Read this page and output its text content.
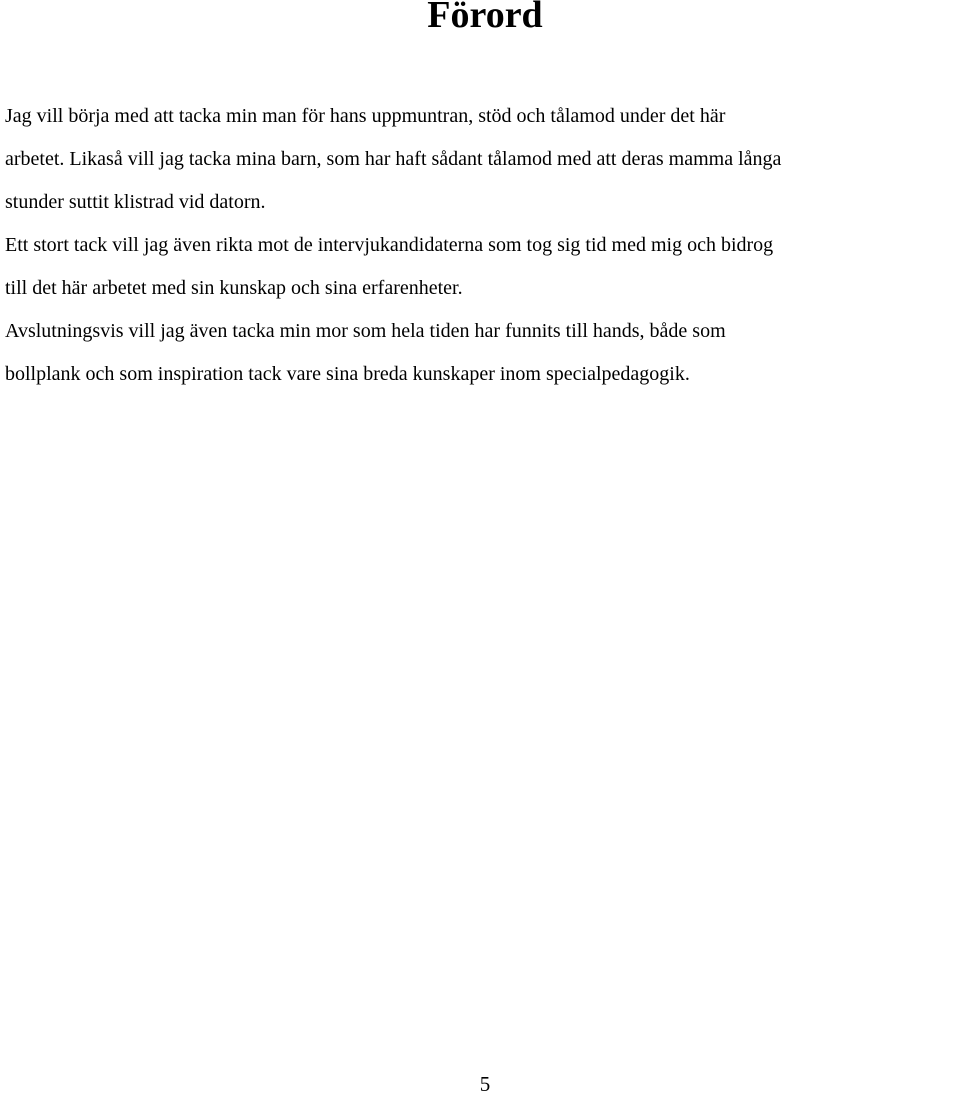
Förord

Jag vill börja med att tacka min man för hans uppmuntran, stöd och tålamod under det här
arbetet. Likaså vill jag tacka mina barn, som har haft sådant tålamod med att deras mamma långa
stunder suttit klistrad vid datorn.

Ett stort tack vill jag även rikta mot de intervjukandidaterna som tog sig tid med mig och bidrog
till det här arbetet med sin kunskap och sina erfarenheter.

Avslutningsvis vill jag även tacka min mor som hela tiden har funnits till hands, både som
bollplank och som inspiration tack vare sina breda kunskaper inom specialpedagogik.

5
